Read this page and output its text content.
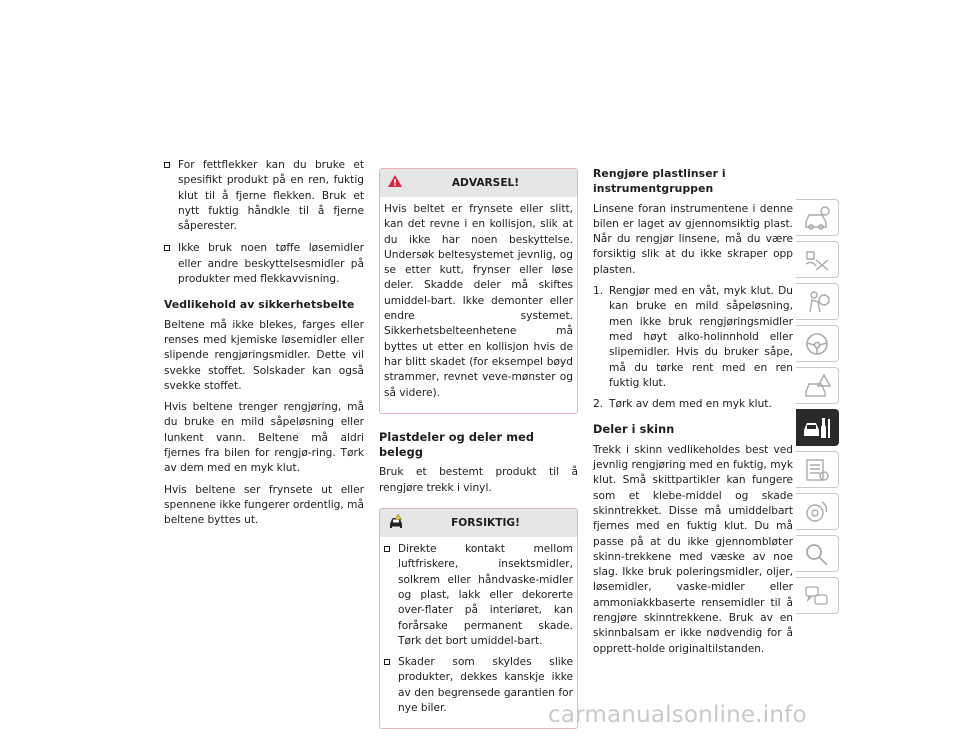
For fettflekker kan du bruke et spesifikt produkt på en ren, fuktig klut til å fjerne flekken. Bruk et nytt fuktig håndkle til å fjerne såperester.
Ikke bruk noen tøffe løsemidler eller andre beskyttelsesmidler på produkter med flekkavvisning.
Vedlikehold av sikkerhetsbelte

Beltene må ikke blekes, farges eller renses med kjemiske løsemidler eller slipende rengjøringsmidler. Dette vil svekke stoffet. Solskader kan også svekke stoffet.

Hvis beltene trenger rengjøring, må du bruke en mild såpeløsning eller lunkent vann. Beltene må aldri fjernes fra bilen for rengjø-ring. Tørk av dem med en myk klut.

Hvis beltene ser frynsete ut eller spennene ikke fungerer ordentlig, må beltene byttes ut.

ADVARSEL!

Hvis beltet er frynsete eller slitt, kan det revne i en kollisjon, slik at du ikke har noen beskyttelse. Undersøk beltesystemet jevnlig, og se etter kutt, frynser eller løse deler. Skadde deler må skiftes umiddel-bart. Ikke demonter eller endre systemet. Sikkerhetsbelteenhetene må byttes ut etter en kollisjon hvis de har blitt skadet (for eksempel bøyd strammer, revnet veve-mønster og så videre).

Plastdeler og deler med belegg

Bruk et bestemt produkt til å rengjøre trekk i vinyl.

FORSIKTIG!
Direkte kontakt mellom luftfriskere, insektsmidler, solkrem eller håndvaske-midler og plast, lakk eller dekorerte over-flater på interiøret, kan forårsake permanent skade. Tørk det bort umiddel-bart.
Skader som skyldes slike produkter, dekkes kanskje ikke av den begrensede garantien for nye biler.
Rengjøre plastlinser i instrumentgruppen

Linsene foran instrumentene i denne bilen er laget av gjennomsiktig plast. Når du rengjør linsene, må du være forsiktig slik at du ikke skraper opp plasten.

1. Rengjør med en våt, myk klut. Du kan bruke en mild såpeløsning, men ikke bruk rengjøringsmidler med høyt alko-holinnhold eller slipemidler. Hvis du bruker såpe, må du tørke rent med en ren fuktig klut.
2. Tørk av dem med en myk klut.
Deler i skinn

Trekk i skinn vedlikeholdes best ved jevnlig rengjøring med en fuktig, myk klut. Små skittpartikler kan fungere som et klebe-middel og skade skinntrekket. Disse må umiddelbart fjernes med en fuktig klut. Du må passe på at du ikke gjennombløter skinn-trekkene med væske av noe slag. Ikke bruk poleringsmidler, oljer, løsemidler, vaske-midler eller ammoniakkbaserte rensemidler til å rengjøre skinntrekkene. Bruk av en skinnbalsam er ikke nødvendig for å opprett-holde originaltilstanden.

carmanualsonline.info
